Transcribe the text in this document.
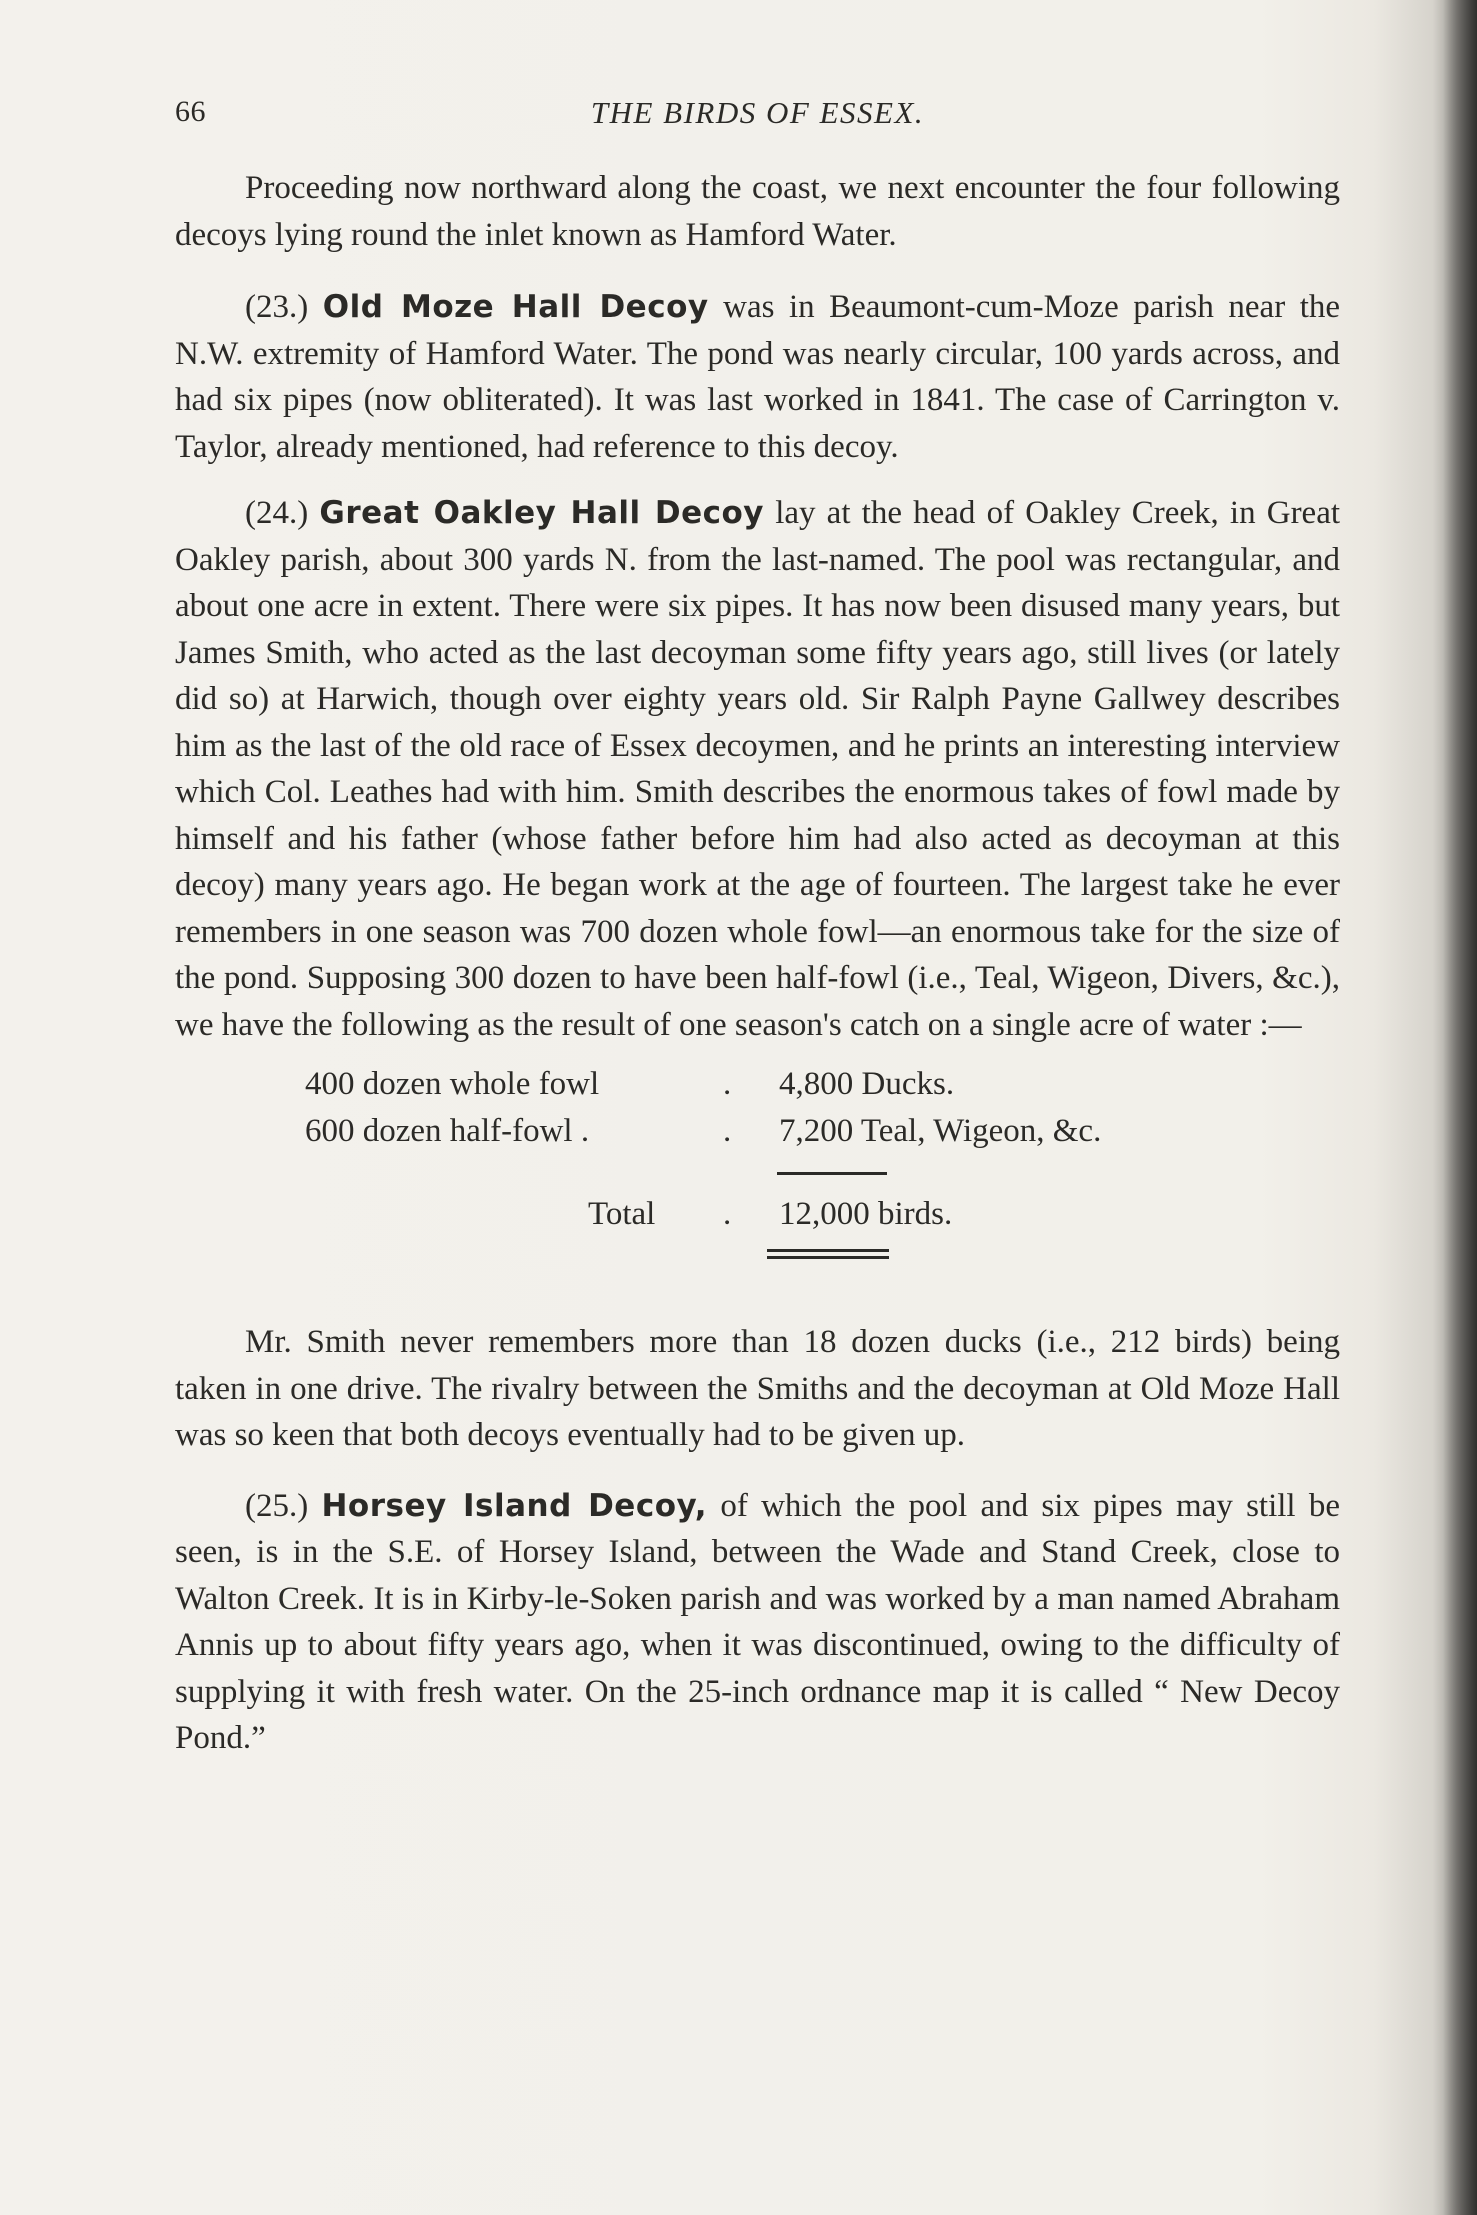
66	THE BIRDS OF ESSEX.

Proceeding now northward along the coast, we next encounter the four following decoys lying round the inlet known as Hamford Water.

(23.) Old Moze Hall Decoy was in Beaumont-cum-Moze parish near the N.W. extremity of Hamford Water. The pond was nearly circular, 100 yards across, and had six pipes (now obliterated). It was last worked in 1841. The case of Carrington v. Taylor, already mentioned, had reference to this decoy.

(24.) Great Oakley Hall Decoy lay at the head of Oakley Creek, in Great Oakley parish, about 300 yards N. from the last-named. The pool was rectangular, and about one acre in extent. There were six pipes. It has now been disused many years, but James Smith, who acted as the last decoyman some fifty years ago, still lives (or lately did so) at Harwich, though over eighty years old. Sir Ralph Payne Gallwey describes him as the last of the old race of Essex decoymen, and he prints an interesting interview which Col. Leathes had with him. Smith describes the enormous takes of fowl made by himself and his father (whose father before him had also acted as decoyman at this decoy) many years ago. He began work at the age of fourteen. The largest take he ever remembers in one season was 700 dozen whole fowl—an enormous take for the size of the pond. Supposing 300 dozen to have been half-fowl (i.e., Teal, Wigeon, Divers, &c.), we have the following as the result of one season's catch on a single acre of water :—

400 dozen whole fowl	. 4,800 Ducks.
600 dozen half-fowl .	. 7,200 Teal, Wigeon, &c.
Total . 12,000 birds.

Mr. Smith never remembers more than 18 dozen ducks (i.e., 212 birds) being taken in one drive. The rivalry between the Smiths and the decoyman at Old Moze Hall was so keen that both decoys eventually had to be given up.

(25.) Horsey Island Decoy, of which the pool and six pipes may still be seen, is in the S.E. of Horsey Island, between the Wade and Stand Creek, close to Walton Creek. It is in Kirby-le-Soken parish and was worked by a man named Abraham Annis up to about fifty years ago, when it was discontinued, owing to the difficulty of supplying it with fresh water. On the 25-inch ordnance map it is called “ New Decoy Pond.”
